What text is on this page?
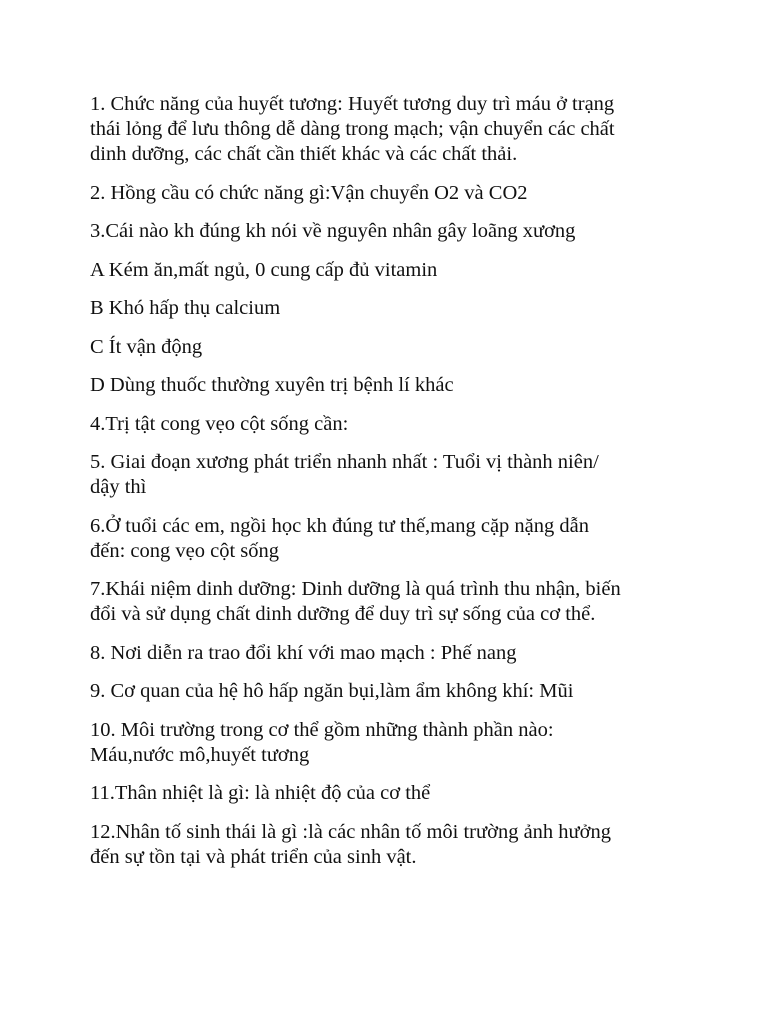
1. Chức năng của huyết tương: Huyết tương duy trì máu ở trạng
thái lỏng để lưu thông dễ dàng trong mạch; vận chuyển các chất
dinh dưỡng, các chất cần thiết khác và các chất thải.

2. Hồng cầu có chức năng gì:Vận chuyển O2 và CO2

3.Cái nào kh đúng kh nói về nguyên nhân gây loãng xương

A Kém ăn,mất ngủ, 0 cung cấp đủ vitamin

B Khó hấp thụ calcium

C Ít vận động

D Dùng thuốc thường xuyên trị bệnh lí khác

4.Trị tật cong vẹo cột sống cần:

5. Giai đoạn xương phát triển nhanh nhất : Tuổi vị thành niên/
dậy thì

6.Ở tuổi các em, ngồi học kh đúng tư thế,mang cặp nặng dẫn
đến: cong vẹo cột sống

7.Khái niệm dinh dưỡng: Dinh dưỡng là quá trình thu nhận, biến
đổi và sử dụng chất dinh dưỡng để duy trì sự sống của cơ thể.

8. Nơi diễn ra trao đổi khí với mao mạch : Phế nang

9. Cơ quan của hệ hô hấp ngăn bụi,làm ẩm không khí: Mũi

10. Môi trường trong cơ thể gồm những thành phần nào:
Máu,nước mô,huyết tương

11.Thân nhiệt là gì: là nhiệt độ của cơ thể

12.Nhân tố sinh thái là gì :là các nhân tố môi trường ảnh hưởng
đến sự tồn tại và phát triển của sinh vật.
